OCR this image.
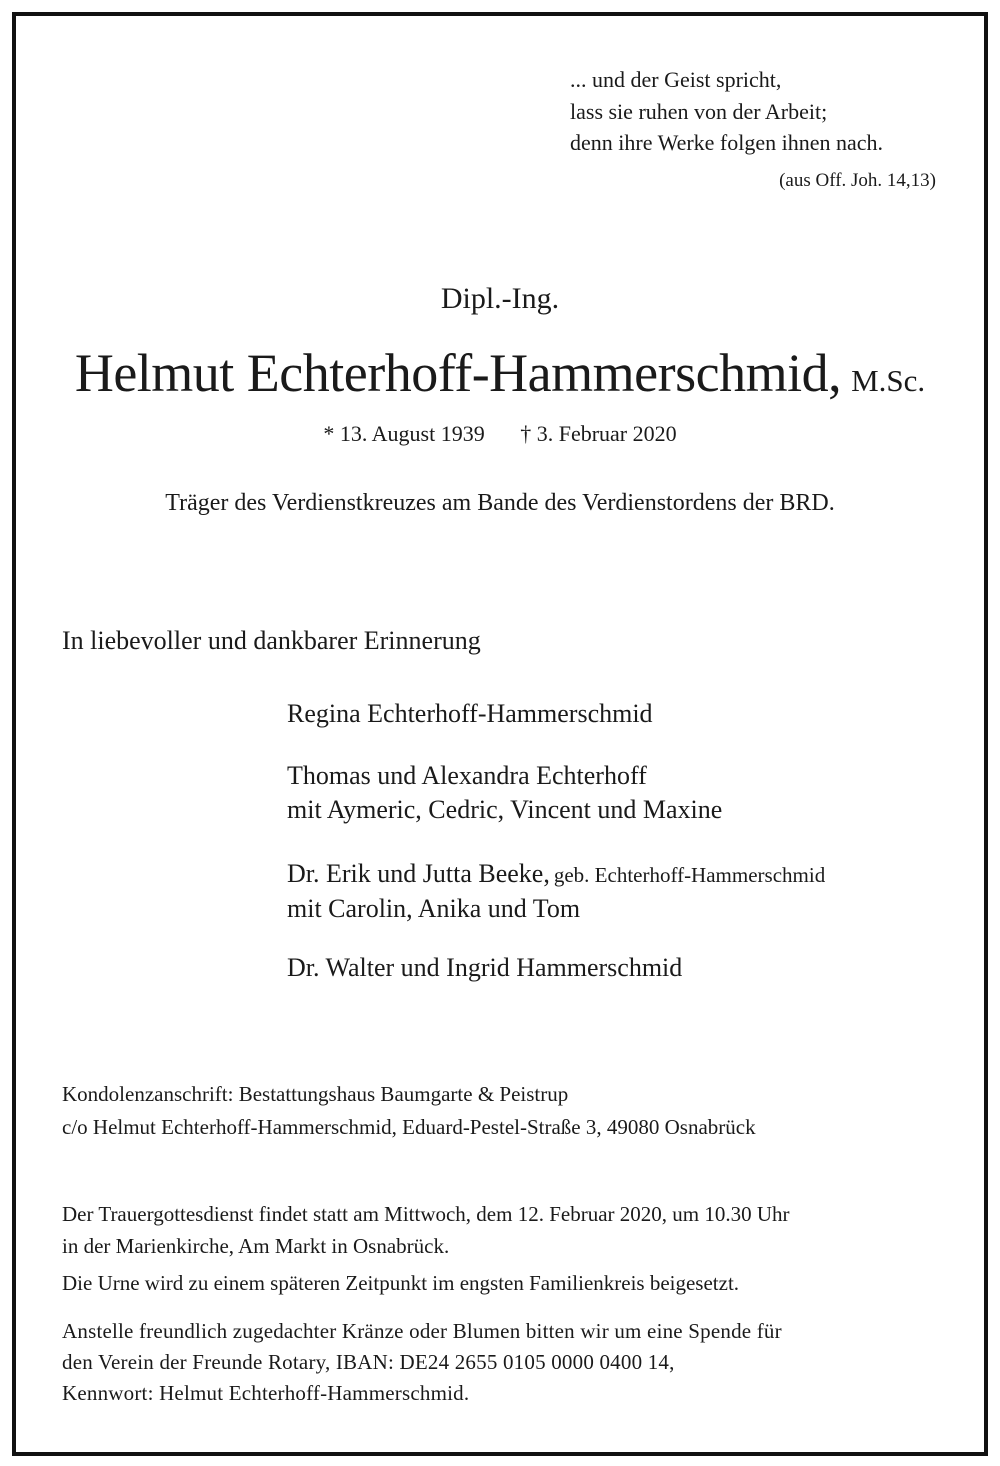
... und der Geist spricht,
lass sie ruhen von der Arbeit;
denn ihre Werke folgen ihnen nach.
(aus Off. Joh. 14,13)
Dipl.-Ing.
Helmut Echterhoff-Hammerschmid, M.Sc.
* 13. August 1939 † 3. Februar 2020
Träger des Verdienstkreuzes am Bande des Verdienstordens der BRD.
In liebevoller und dankbarer Erinnerung
Regina Echterhoff-Hammerschmid
Thomas und Alexandra Echterhoff
mit Aymeric, Cedric, Vincent und Maxine
Dr. Erik und Jutta Beeke, geb. Echterhoff-Hammerschmid
mit Carolin, Anika und Tom
Dr. Walter und Ingrid Hammerschmid
Kondolenzanschrift: Bestattungshaus Baumgarte & Peistrup
c/o Helmut Echterhoff-Hammerschmid, Eduard-Pestel-Straße 3, 49080 Osnabrück
Der Trauergottesdienst findet statt am Mittwoch, dem 12. Februar 2020, um 10.30 Uhr
in der Marienkirche, Am Markt in Osnabrück.
Die Urne wird zu einem späteren Zeitpunkt im engsten Familienkreis beigesetzt.
Anstelle freundlich zugedachter Kränze oder Blumen bitten wir um eine Spende für
den Verein der Freunde Rotary, IBAN: DE24 2655 0105 0000 0400 14,
Kennwort: Helmut Echterhoff-Hammerschmid.
